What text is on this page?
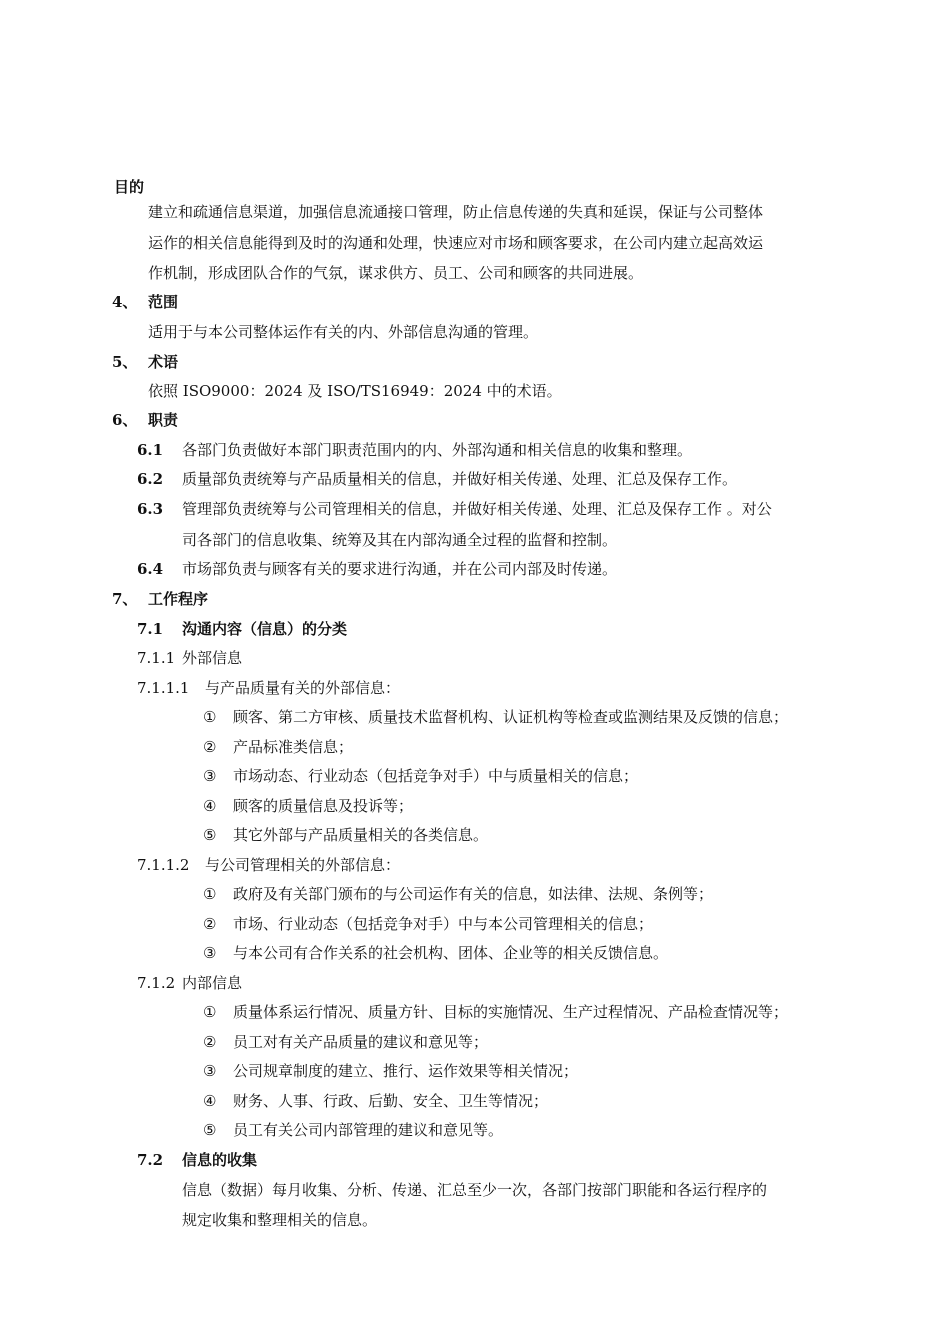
目的
建立和疏通信息渠道，加强信息流通接口管理，防止信息传递的失真和延误，保证与公司整体
运作的相关信息能得到及时的沟通和处理，快速应对市场和顾客要求，在公司内建立起高效运
作机制，形成团队合作的气氛，谋求供方、员工、公司和顾客的共同进展。
4、 范围
适用于与本公司整体运作有关的内、外部信息沟通的管理。
5、 术语
依照 ISO9000：2024 及 ISO/TS16949：2024 中的术语。
6、 职责
6.1 各部门负责做好本部门职责范围内的内、外部沟通和相关信息的收集和整理。
6.2 质量部负责统筹与产品质量相关的信息，并做好相关传递、处理、汇总及保存工作。
6.3 管理部负责统筹与公司管理相关的信息，并做好相关传递、处理、汇总及保存工作 。对公
司各部门的信息收集、统筹及其在内部沟通全过程的监督和控制。
6.4 市场部负责与顾客有关的要求进行沟通，并在公司内部及时传递。
7、 工作程序
7.1 沟通内容（信息）的分类
7.1.1 外部信息
7.1.1.1 与产品质量有关的外部信息：
① 顾客、第二方审核、质量技术监督机构、认证机构等检查或监测结果及反馈的信息；
② 产品标准类信息；
③ 市场动态、行业动态（包括竞争对手）中与质量相关的信息；
④ 顾客的质量信息及投诉等；
⑤ 其它外部与产品质量相关的各类信息。
7.1.1.2 与公司管理相关的外部信息：
① 政府及有关部门颁布的与公司运作有关的信息，如法律、法规、条例等；
② 市场、行业动态（包括竞争对手）中与本公司管理相关的信息；
③ 与本公司有合作关系的社会机构、团体、企业等的相关反馈信息。
7.1.2 内部信息
① 质量体系运行情况、质量方针、目标的实施情况、生产过程情况、产品检查情况等；
② 员工对有关产品质量的建议和意见等；
③ 公司规章制度的建立、推行、运作效果等相关情况；
④ 财务、人事、行政、后勤、安全、卫生等情况；
⑤ 员工有关公司内部管理的建议和意见等。
7.2 信息的收集
信息（数据）每月收集、分析、传递、汇总至少一次，各部门按部门职能和各运行程序的
规定收集和整理相关的信息。
